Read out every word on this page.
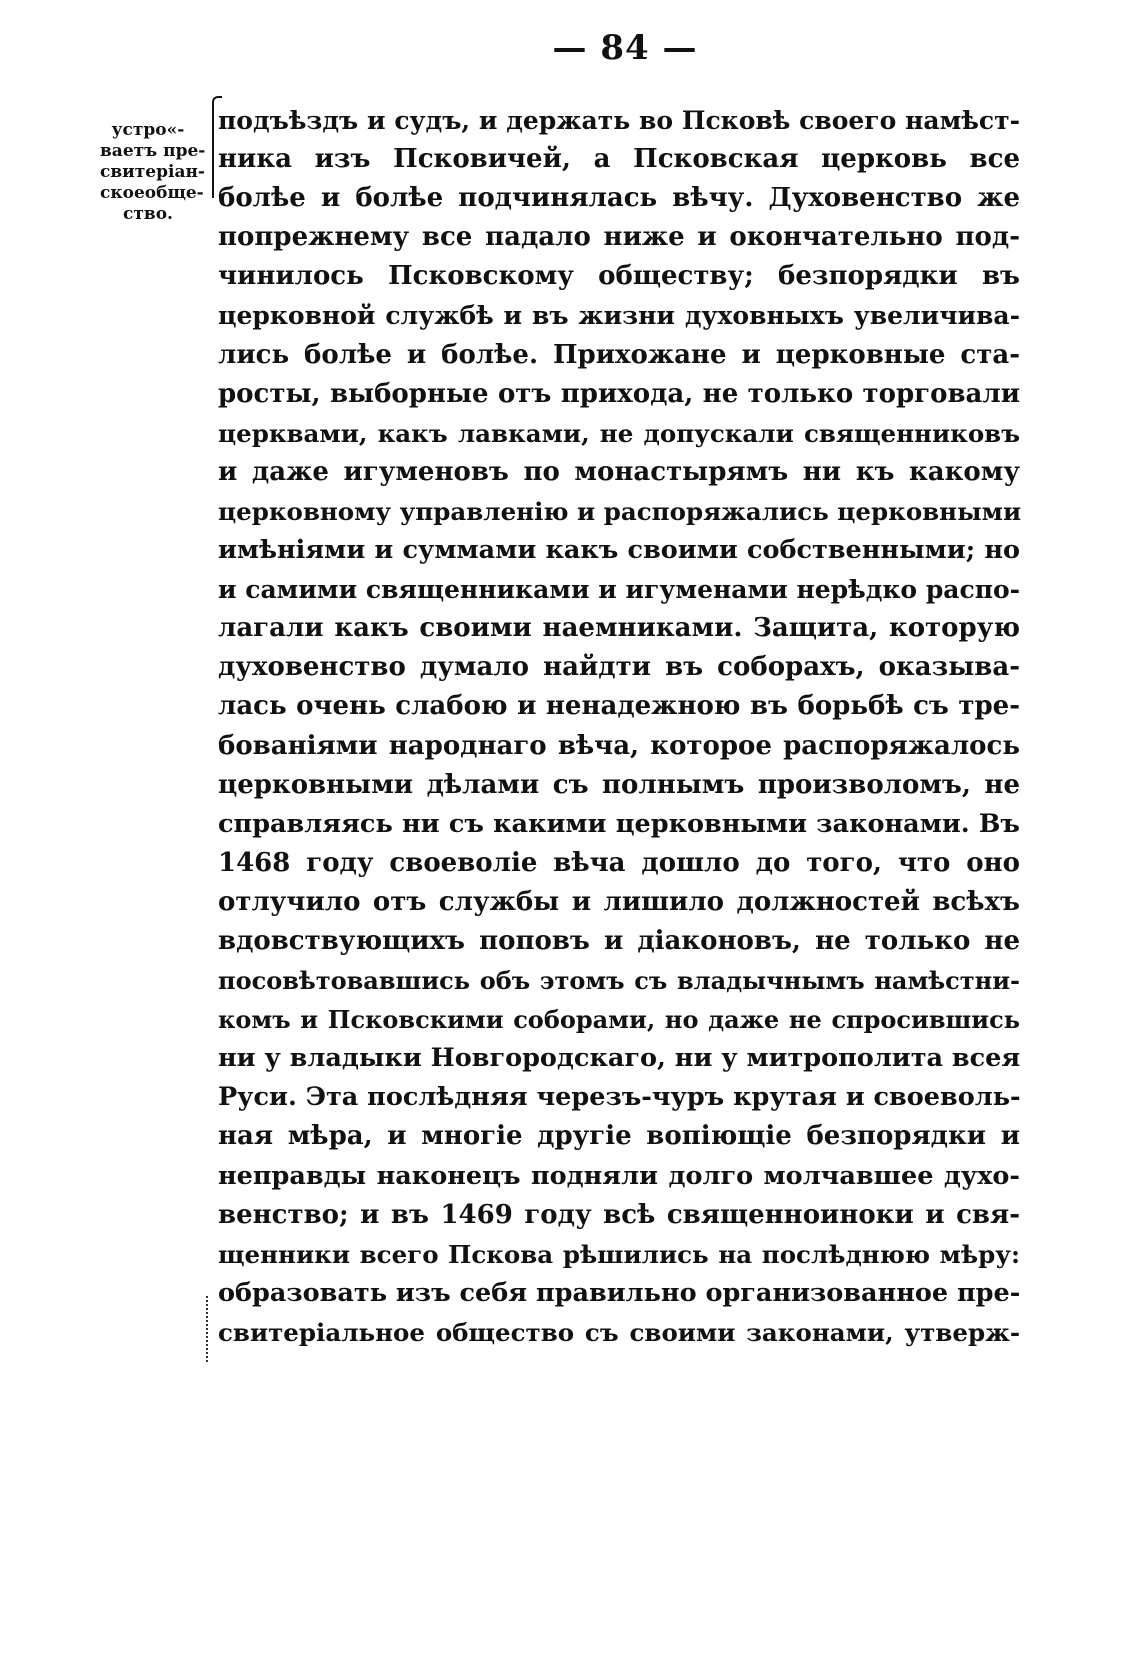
— 84 —
устро«-
ваетъ пре-
свитеріан-
скоеобще-
ство.
подъѣздъ и судъ, и держать во Псковѣ своего намѣст-
ника изъ Псковичей, а Псковская церковь все
болѣе и болѣе подчинялась вѣчу. Духовенство же
попрежнему все падало ниже и окончательно под-
чинилось Псковскому обществу; безпорядки въ
церковной службѣ и въ жизни духовныхъ увеличива-
лись болѣе и болѣе. Прихожане и церковные ста-
росты, выборные отъ прихода, не только торговали
церквами, какъ лавками, не допускали священниковъ
и даже игуменовъ по монастырямъ ни къ какому
церковному управленію и распоряжались церковными
имѣніями и суммами какъ своими собственными; но
и самими священниками и игуменами нерѣдко распо-
лагали какъ своими наемниками. Защита, которую
духовенство думало найдти въ соборахъ, оказыва-
лась очень слабою и ненадежною въ борьбѣ съ тре-
бованіями народнаго вѣча, которое распоряжалось
церковными дѣлами съ полнымъ произволомъ, не
справляясь ни съ какими церковными законами. Въ
1468 году своеволіе вѣча дошло до того, что оно
отлучило отъ службы и лишило должностей всѣхъ
вдовствующихъ поповъ и діаконовъ, не только не
посовѣтовавшись объ этомъ съ владычнымъ намѣстни-
комъ и Псковскими соборами, но даже не спросившись
ни у владыки Новгородскаго, ни у митрополита всея
Руси. Эта послѣдняя черезъ-чуръ крутая и своеволь-
ная мѣра, и многіе другіе вопіющіе безпорядки и
неправды наконецъ подняли долго молчавшее духо-
венство; и въ 1469 году всѣ священноиноки и свя-
щенники всего Пскова рѣшились на послѣднюю мѣру:
образовать изъ себя правильно организованное пре-
свитеріальное общество съ своими законами, утверж-
